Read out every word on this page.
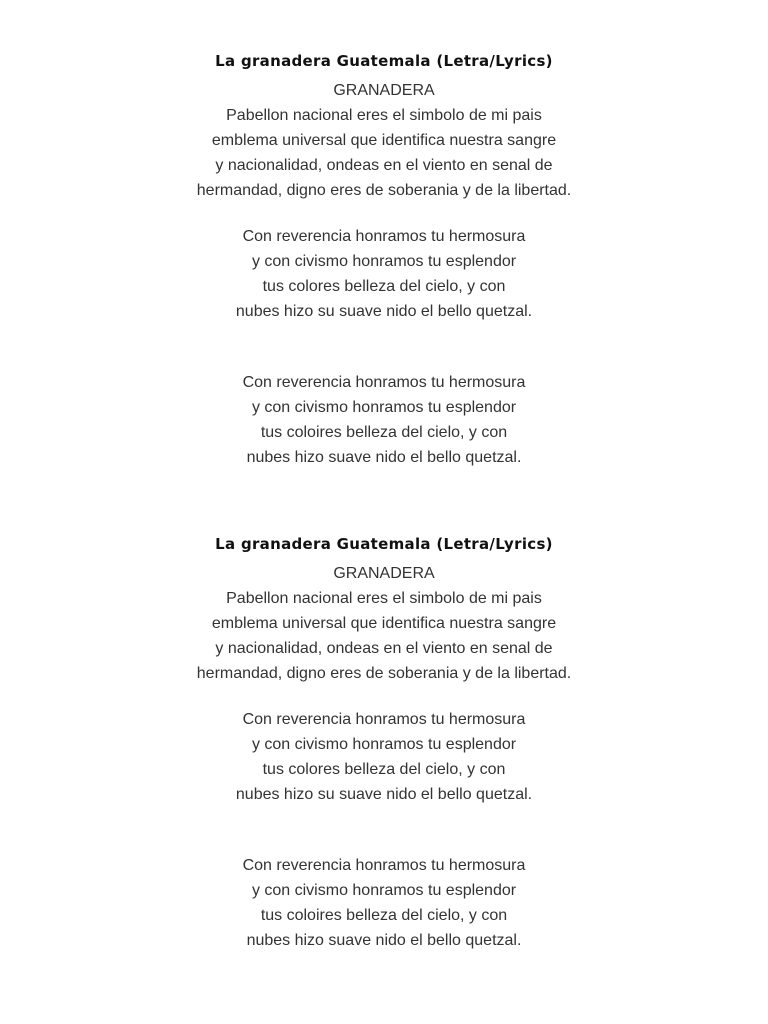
La granadera Guatemala (Letra/Lyrics)
GRANADERA
Pabellon nacional eres el simbolo de mi pais
emblema universal que identifica nuestra sangre
y nacionalidad, ondeas en el viento en senal de
hermandad, digno eres de soberania y de la libertad.
Con reverencia honramos tu hermosura
y con civismo honramos tu esplendor
tus colores belleza del cielo, y con
nubes hizo su suave nido el bello quetzal.
Con reverencia honramos tu hermosura
y con civismo honramos tu esplendor
tus coloires belleza del cielo, y con
nubes hizo suave nido el bello quetzal.
La granadera Guatemala (Letra/Lyrics)
GRANADERA
Pabellon nacional eres el simbolo de mi pais
emblema universal que identifica nuestra sangre
y nacionalidad, ondeas en el viento en senal de
hermandad, digno eres de soberania y de la libertad.
Con reverencia honramos tu hermosura
y con civismo honramos tu esplendor
tus colores belleza del cielo, y con
nubes hizo su suave nido el bello quetzal.
Con reverencia honramos tu hermosura
y con civismo honramos tu esplendor
tus coloires belleza del cielo, y con
nubes hizo suave nido el bello quetzal.
